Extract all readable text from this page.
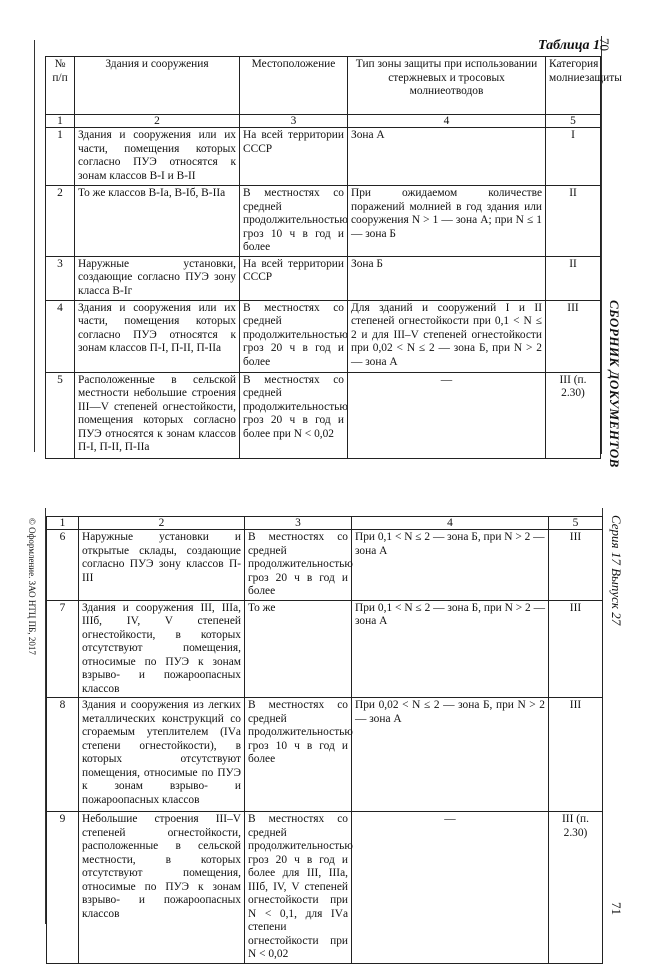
Таблица 1
70
СБОРНИК ДОКУМЕНТОВ
№ п/п	Здания и сооружения	Местоположение	Тип зоны защиты при использовании стержневых и тросовых молниеотводов	Категория молниезащиты
1	2	3	4	5
1	Здания и сооружения или их части, помещения которых согласно ПУЭ относятся к зонам классов В-I и В-II	На всей территории СССР	Зона А	I
2	То же классов В-Iа, В-Iб, В-IIа	В местностях со средней продолжительностью гроз 10 ч в год и более	При ожидаемом количестве поражений молнией в год здания или сооружения N > 1 — зона А; при N ≤ 1 — зона Б	II
3	Наружные установки, создающие согласно ПУЭ зону класса В-Iг	На всей территории СССР	Зона Б	II
4	Здания и сооружения или их части, помещения которых согласно ПУЭ относятся к зонам классов П-I, П-II, П-IIа	В местностях со средней продолжительностью гроз 20 ч в год и более	Для зданий и сооружений I и II степеней огнестойкости при 0,1 < N ≤ 2 и для III–V степеней огнестойкости при 0,02 < N ≤ 2 — зона Б, при N > 2 — зона А	III
5	Расположенные в сельской местности небольшие строения III—V степеней огнестойкости, помещения которых согласно ПУЭ относятся к зонам классов П-I, П-II, П-IIа	В местностях со средней продолжительностью гроз 20 ч в год и более при N < 0,02	—	III (п. 2.30)
© Оформление. ЗАО НТЦ ПБ, 2017	Серия 17 Выпуск 27
71
1	2	3	4	5
6	Наружные установки и открытые склады, создающие согласно ПУЭ зону классов П-III	В местностях со средней продолжительностью гроз 20 ч в год и более	При 0,1 < N ≤ 2 — зона Б, при N > 2 — зона А	III
7	Здания и сооружения III, IIIа, IIIб, IV, V степеней огнестойкости, в которых отсутствуют помещения, относимые по ПУЭ к зонам взрыво- и пожароопасных классов	То же	При 0,1 < N ≤ 2 — зона Б, при N > 2 — зона А	III
8	Здания и сооружения из легких металлических конструкций со сгораемым утеплителем (IVа степени огнестойкости), в которых отсутствуют помещения, относимые по ПУЭ к зонам взрыво- и пожароопасных классов	В местностях со средней продолжительностью гроз 10 ч в год и более	При 0,02 < N ≤ 2 — зона Б, при N > 2 — зона А	III
9	Небольшие строения III–V степеней огнестойкости, расположенные в сельской местности, в которых отсутствуют помещения, относимые по ПУЭ к зонам взрыво- и пожароопасных классов	В местностях со средней продолжительностью гроз 20 ч в год и более для III, IIIа, IIIб, IV, V степеней огнестойкости при N < 0,1, для IVа степени огнестойкости при N < 0,02	—	III (п. 2.30)
